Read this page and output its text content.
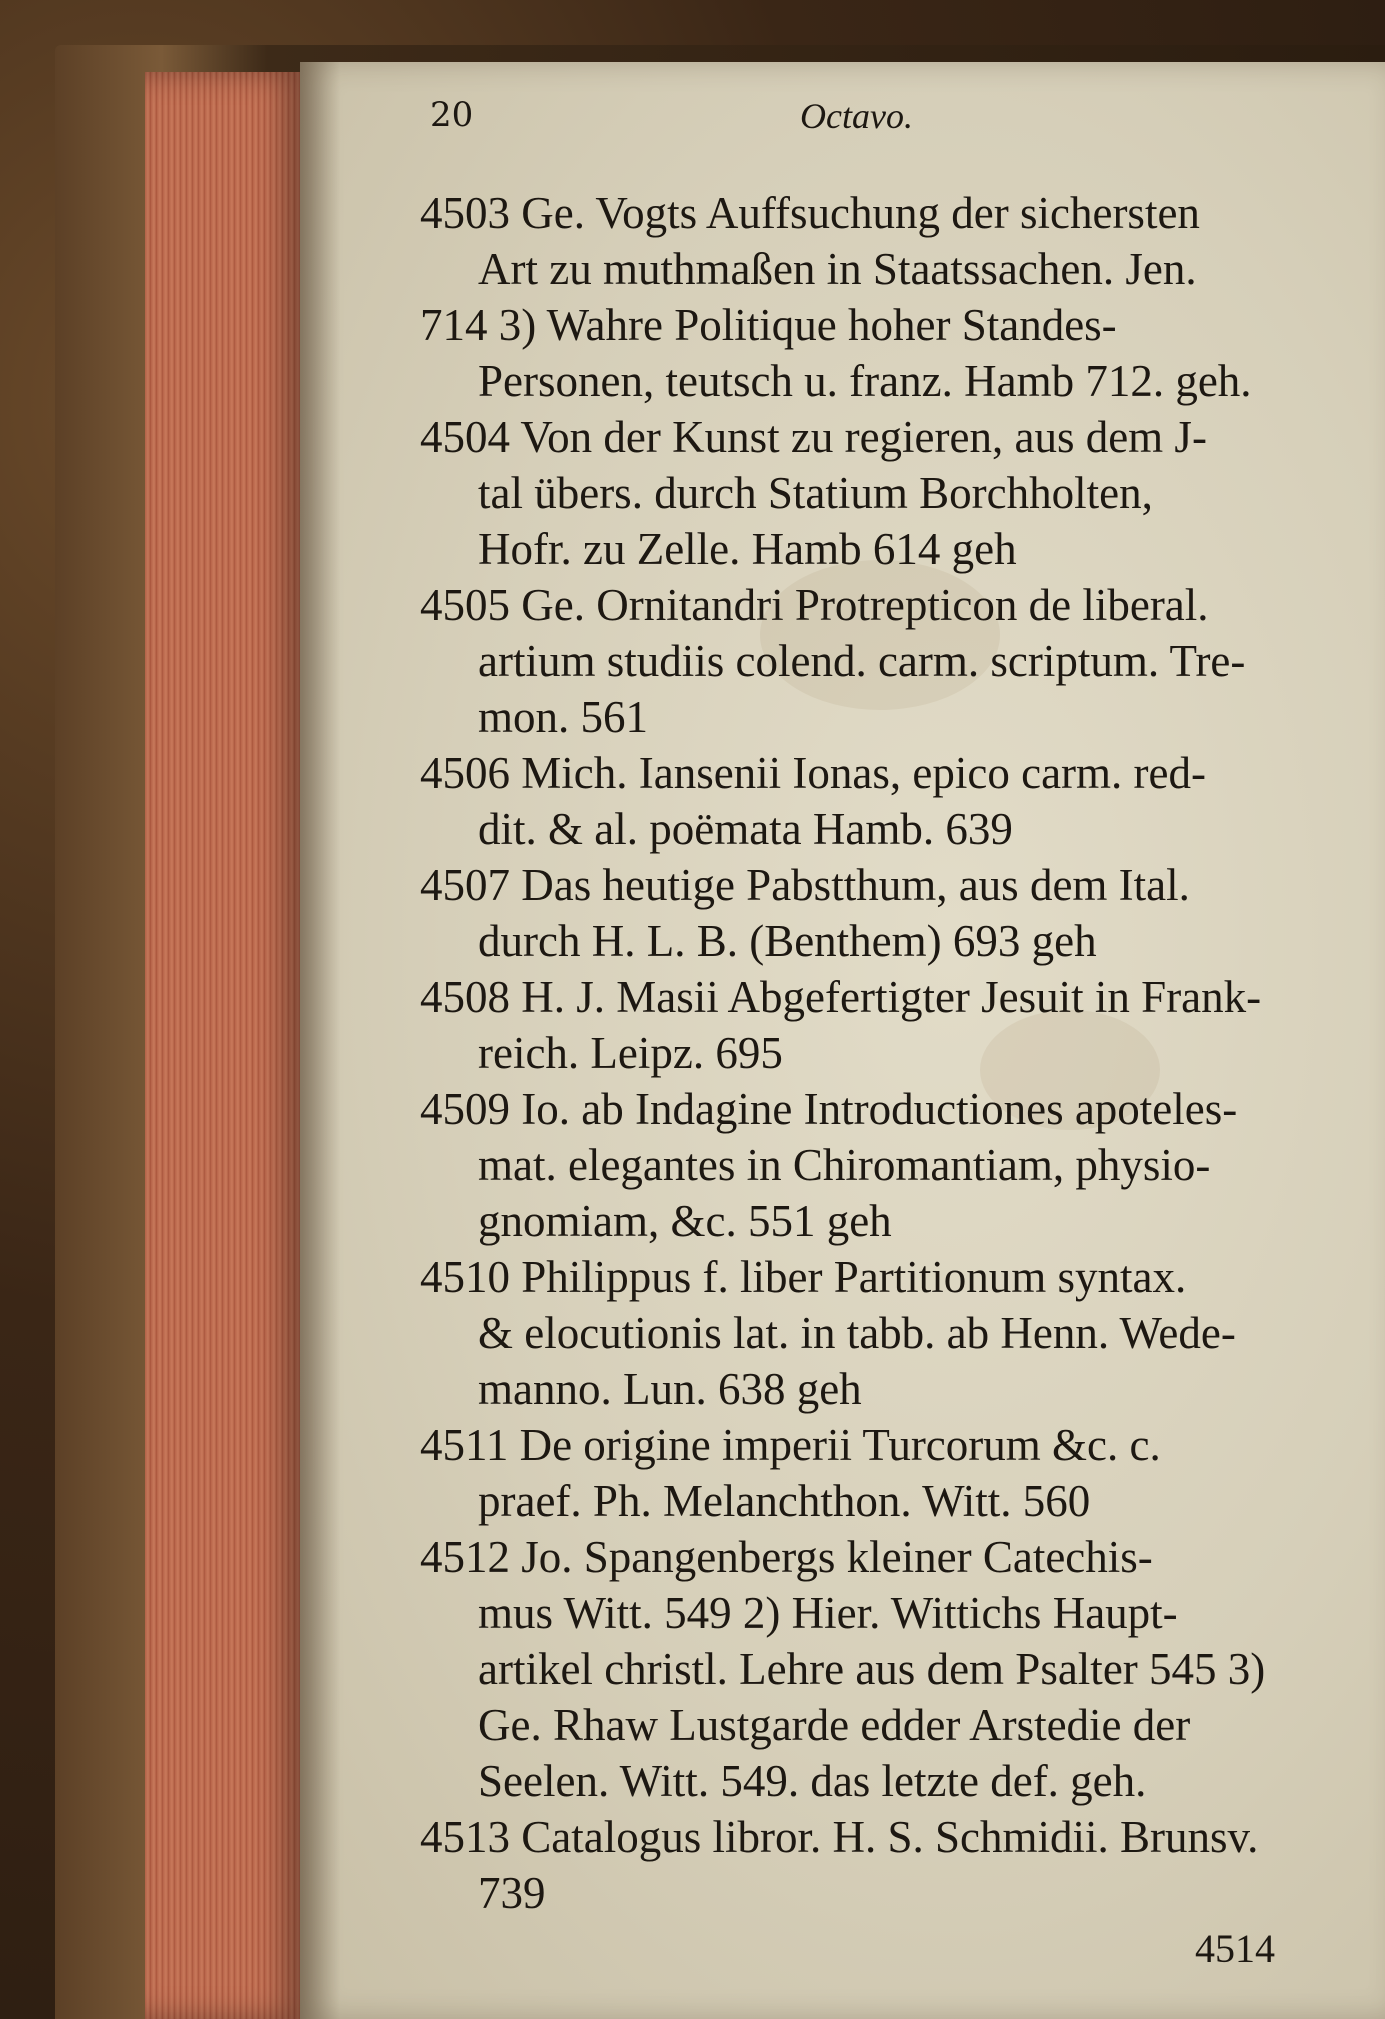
20	Octavo.
4503 Ge. Vogts Auffsuchung der sichersten
Art zu muthmaßen in Staatssachen. Jen.
714 3) Wahre Politique hoher Standes-
Personen, teutsch u. franz. Hamb 712. geh.
4504 Von der Kunst zu regieren, aus dem J-
tal übers. durch Statium Borchholten,
Hofr. zu Zelle. Hamb 614 geh
4505 Ge. Ornitandri Protrepticon de liberal.
artium studiis colend. carm. scriptum. Tre-
mon. 561
4506 Mich. Iansenii Ionas, epico carm. red-
dit. & al. poëmata Hamb. 639
4507 Das heutige Pabstthum, aus dem Ital.
durch H. L. B. (Benthem) 693 geh
4508 H. J. Masii Abgefertigter Jesuit in Frank-
reich. Leipz. 695
4509 Io. ab Indagine Introductiones apoteles-
mat. elegantes in Chiromantiam, physio-
gnomiam, &c. 551 geh
4510 Philippus f. liber Partitionum syntax.
& elocutionis lat. in tabb. ab Henn. Wede-
manno. Lun. 638 geh
4511 De origine imperii Turcorum &c. c.
praef. Ph. Melanchthon. Witt. 560
4512 Jo. Spangenbergs kleiner Catechis-
mus Witt. 549 2) Hier. Wittichs Haupt-
artikel christl. Lehre aus dem Psalter 545 3)
Ge. Rhaw Lustgarde edder Arstedie der
Seelen. Witt. 549. das letzte def. geh.
4513 Catalogus libror. H. S. Schmidii. Brunsv.
739
4514
